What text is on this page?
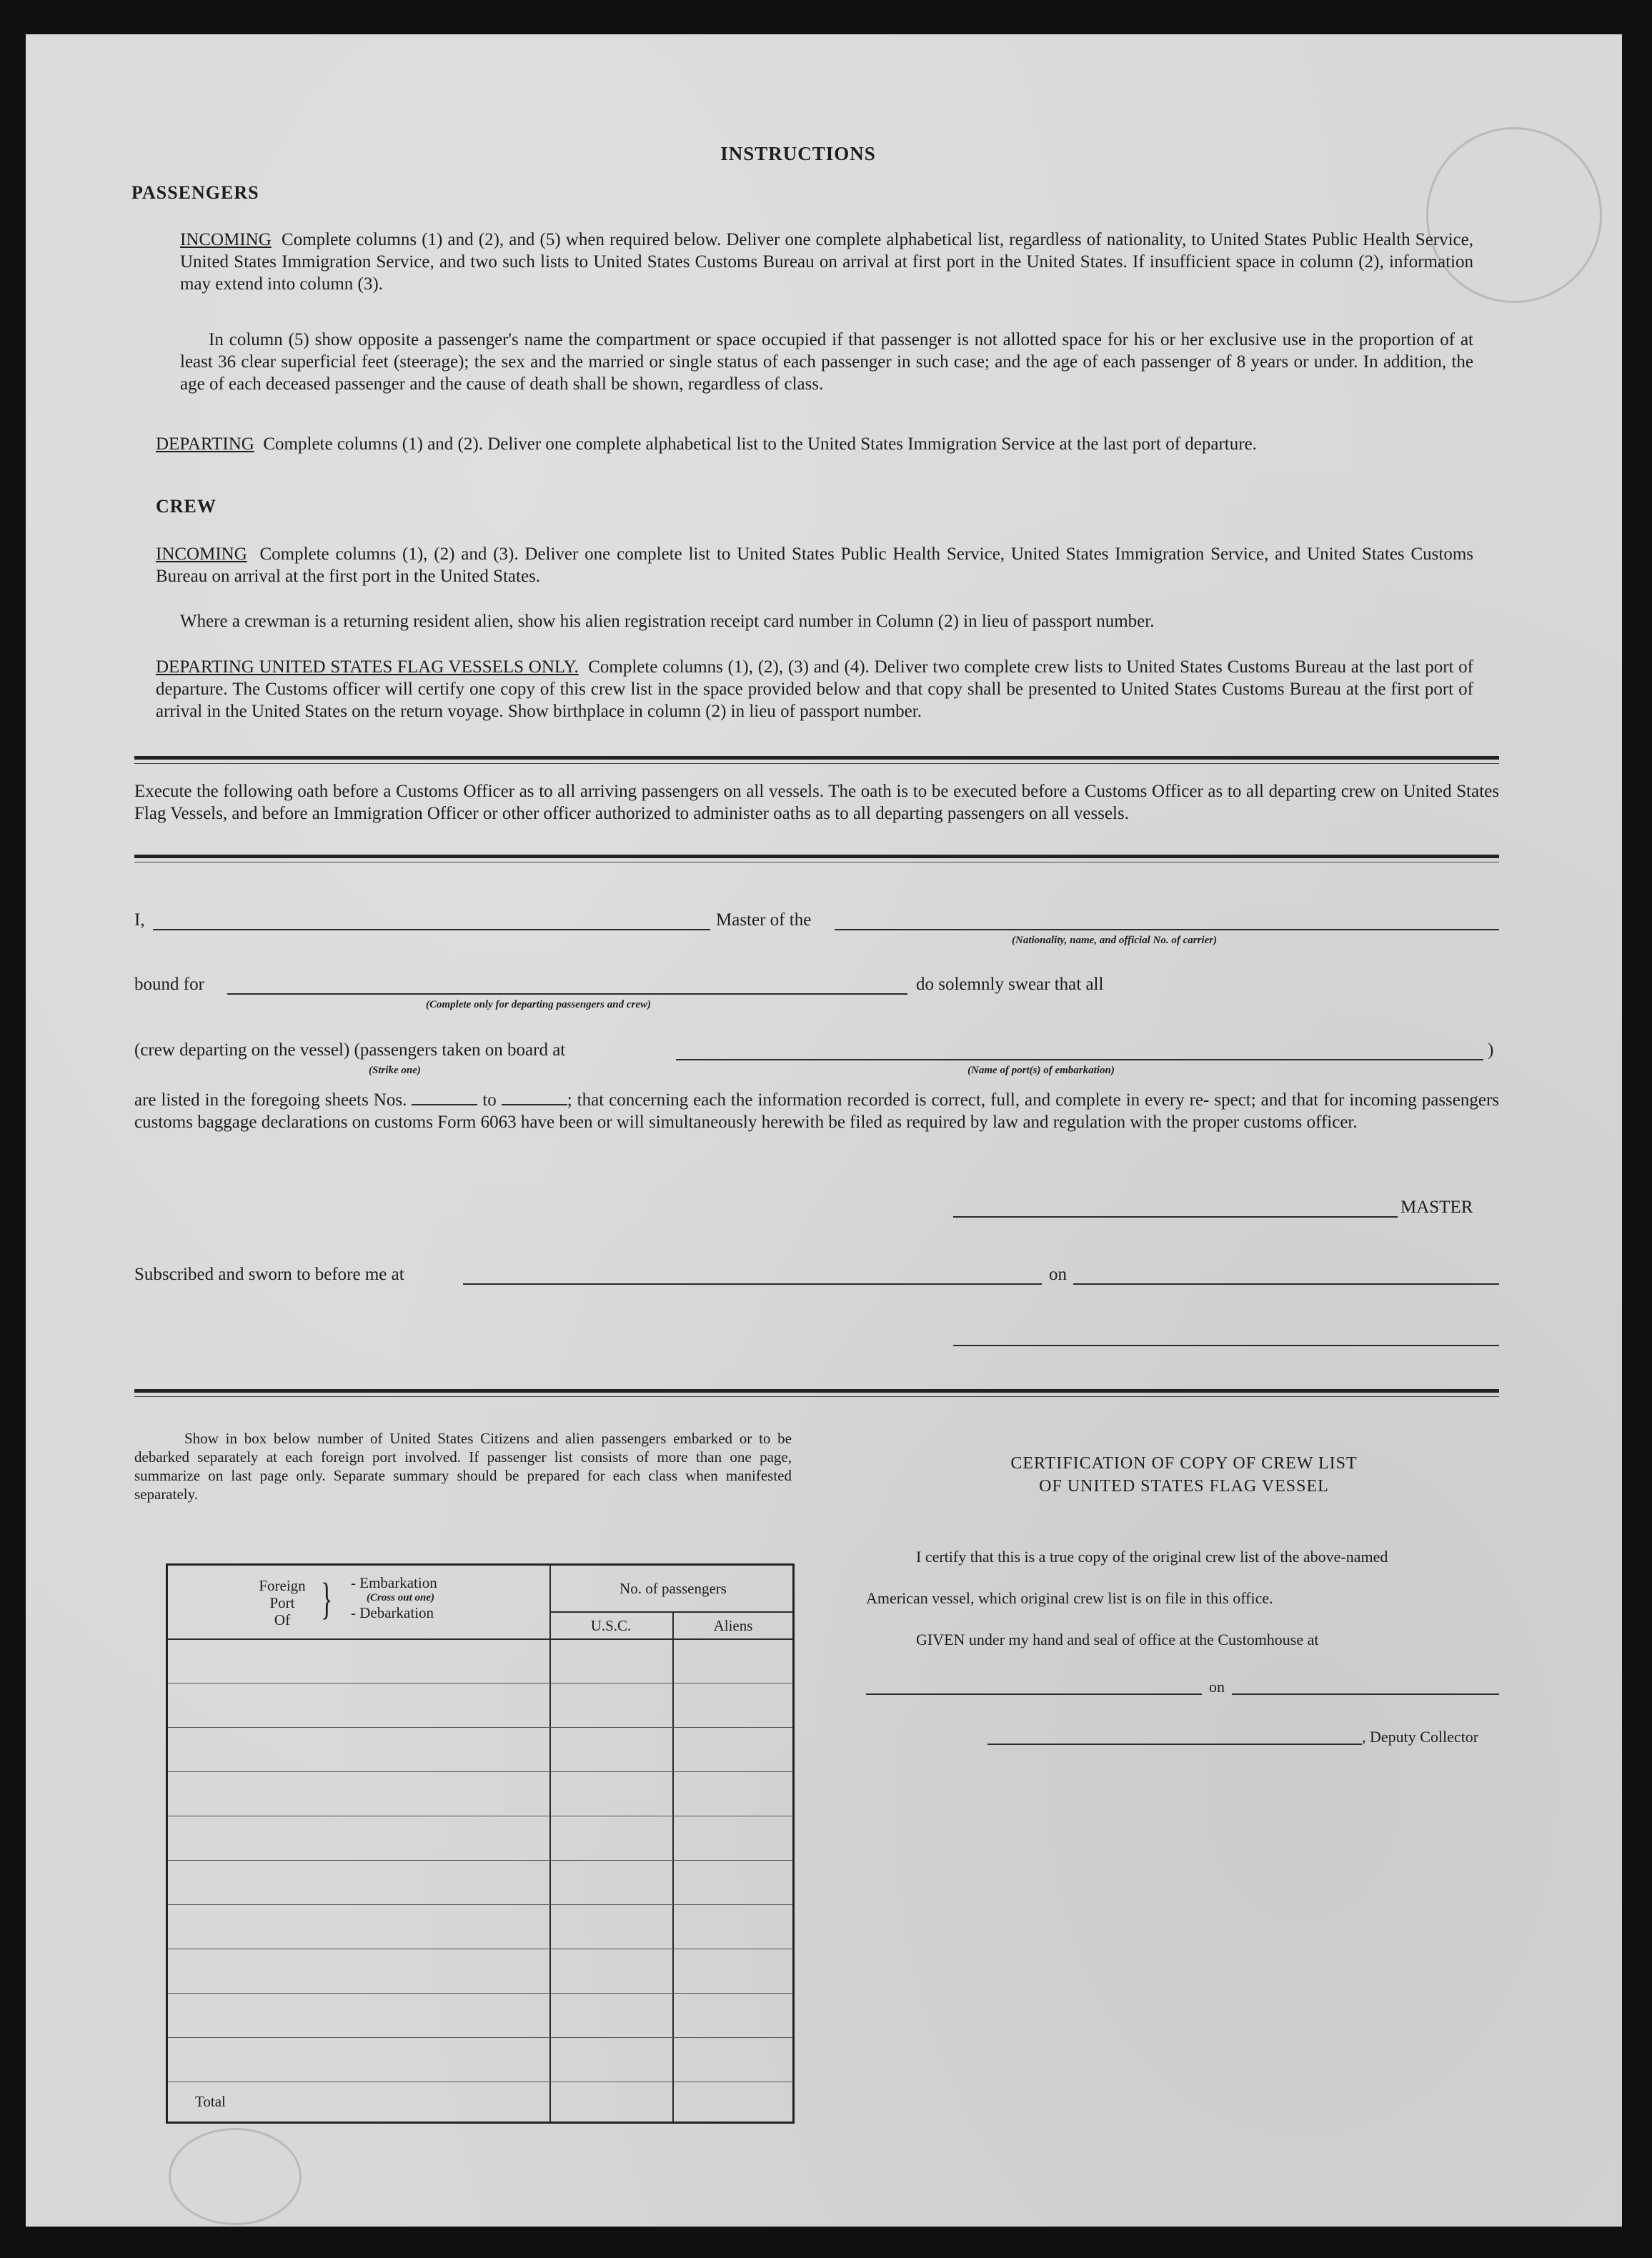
INSTRUCTIONS
PASSENGERS
INCOMING Complete columns (1) and (2), and (5) when required below. Deliver one complete alphabetical list, regardless of nationality, to United States Public Health Service, United States Immigration Service, and two such lists to United States Customs Bureau on arrival at first port in the United States. If insufficient space in column (2), information may extend into column (3).
In column (5) show opposite a passenger's name the compartment or space occupied if that passenger is not allotted space for his or her exclusive use in the proportion of at least 36 clear superficial feet (steerage); the sex and the married or single status of each passenger in such case; and the age of each passenger of 8 years or under. In addition, the age of each deceased passenger and the cause of death shall be shown, regardless of class.
DEPARTING Complete columns (1) and (2). Deliver one complete alphabetical list to the United States Immigration Service at the last port of departure.
CREW
INCOMING Complete columns (1), (2) and (3). Deliver one complete list to United States Public Health Service, United States Immigration Service, and United States Customs Bureau on arrival at the first port in the United States.
Where a crewman is a returning resident alien, show his alien registration receipt card number in Column (2) in lieu of passport number.
DEPARTING UNITED STATES FLAG VESSELS ONLY. Complete columns (1), (2), (3) and (4). Deliver two complete crew lists to United States Customs Bureau at the last port of departure. The Customs officer will certify one copy of this crew list in the space provided below and that copy shall be presented to United States Customs Bureau at the first port of arrival in the United States on the return voyage. Show birthplace in column (2) in lieu of passport number.
Execute the following oath before a Customs Officer as to all arriving passengers on all vessels. The oath is to be executed before a Customs Officer as to all departing crew on United States Flag Vessels, and before an Immigration Officer or other officer authorized to administer oaths as to all departing passengers on all vessels.
I,	Master of the
(Nationality, name, and official No. of carrier)
bound for
(Complete only for departing passengers and crew)
do solemnly swear that all
(crew departing on the vessel) (passengers taken on board at	)
(Strike one)	(Name of port(s) of embarkation)
are listed in the foregoing sheets Nos.	to	; that concerning each the information recorded is correct, full, and complete in every re- spect; and that for incoming passengers customs baggage declarations on customs Form 6063 have been or will simultaneously herewith be filed as required by law and regulation with the proper customs officer.
MASTER
Subscribed and sworn to before me at	on
Show in box below number of United States Citizens and alien passengers embarked or to be debarked separately at each foreign port involved. If passenger list consists of more than one page, summarize on last page only. Separate summary should be prepared for each class when manifested separately.
Foreign
Port
Of } - Embarkation
(Cross out one)
- Debarkation
No. of passengers
U.S.C.	Aliens
Total
CERTIFICATION OF COPY OF CREW LIST
OF UNITED STATES FLAG VESSEL
I certify that this is a true copy of the original crew list of the above-named
American vessel, which original crew list is on file in this office.
GIVEN under my hand and seal of office at the Customhouse at
on
, Deputy Collector
